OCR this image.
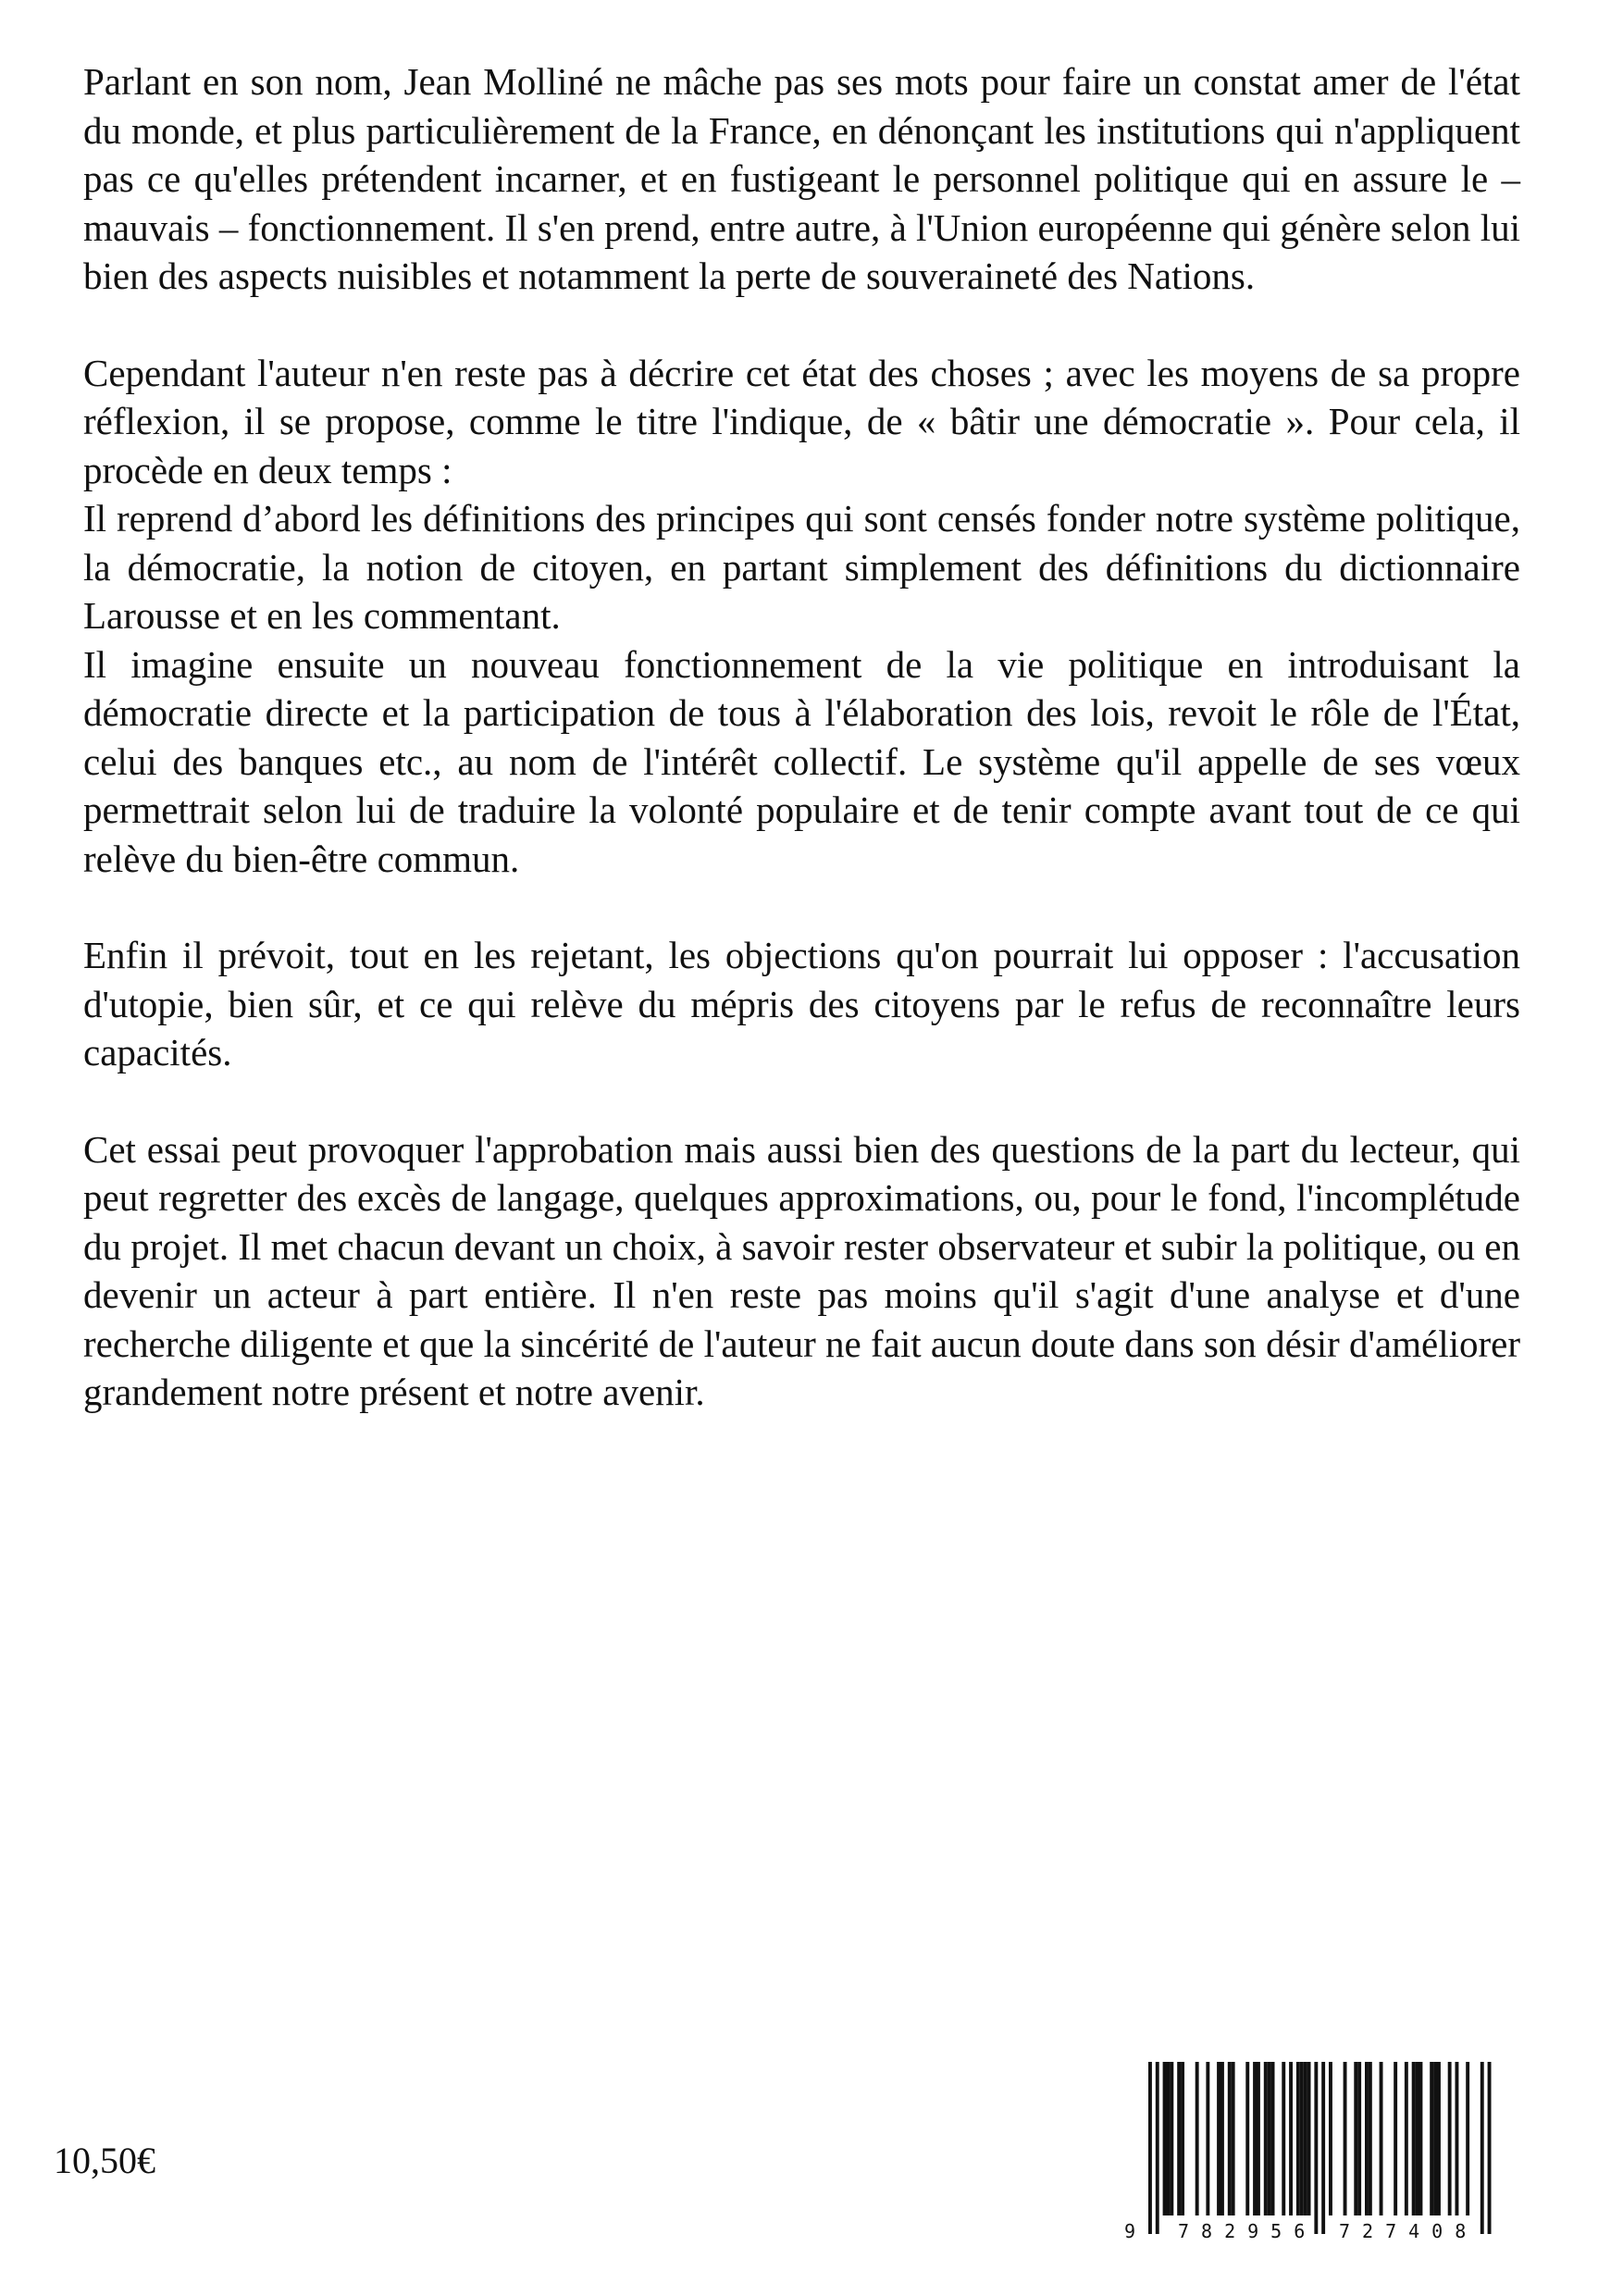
Parlant en son nom, Jean Molliné ne mâche pas ses mots pour faire un constat amer de l'état du monde, et plus particulièrement de la France, en dénonçant les institutions qui n'appliquent pas ce qu'elles prétendent incarner, et en fustigeant le personnel politique qui en assure le – mauvais – fonctionnement. Il s'en prend, entre autre, à l'Union européenne qui génère selon lui bien des aspects nuisibles et notamment la perte de souveraineté des Nations.

Cependant l'auteur n'en reste pas à décrire cet état des choses ; avec les moyens de sa propre réflexion, il se propose, comme le titre l'indique, de « bâtir une démocratie ». Pour cela, il procède en deux temps :

Il reprend d’abord les définitions des principes qui sont censés fonder notre système politique, la démocratie, la notion de citoyen, en partant simplement des définitions du dictionnaire Larousse et en les commentant.

Il imagine ensuite un nouveau fonctionnement de la vie politique en introduisant la démocratie directe et la participation de tous à l'élaboration des lois, revoit le rôle de l'État, celui des banques etc., au nom de l'intérêt collectif. Le système qu'il appelle de ses vœux permettrait selon lui de traduire la volonté populaire et de tenir compte avant tout de ce qui relève du bien-être commun.

Enfin il prévoit, tout en les rejetant, les objections qu'on pourrait lui opposer : l'accusation d'utopie, bien sûr, et ce qui relève du mépris des citoyens par le refus de reconnaître leurs capacités.

Cet essai peut provoquer l'approbation mais aussi bien des questions de la part du lecteur, qui peut regretter des excès de langage, quelques approximations, ou, pour le fond, l'incomplétude du projet. Il met chacun devant un choix, à savoir rester observateur et subir la politique, ou en devenir un acteur à part entière. Il n'en reste pas moins qu'il s'agit d'une analyse et d'une recherche diligente et que la sincérité de l'auteur ne fait aucun doute dans son désir d'améliorer grandement notre présent et notre avenir.

10,50€
9 782956 727408
